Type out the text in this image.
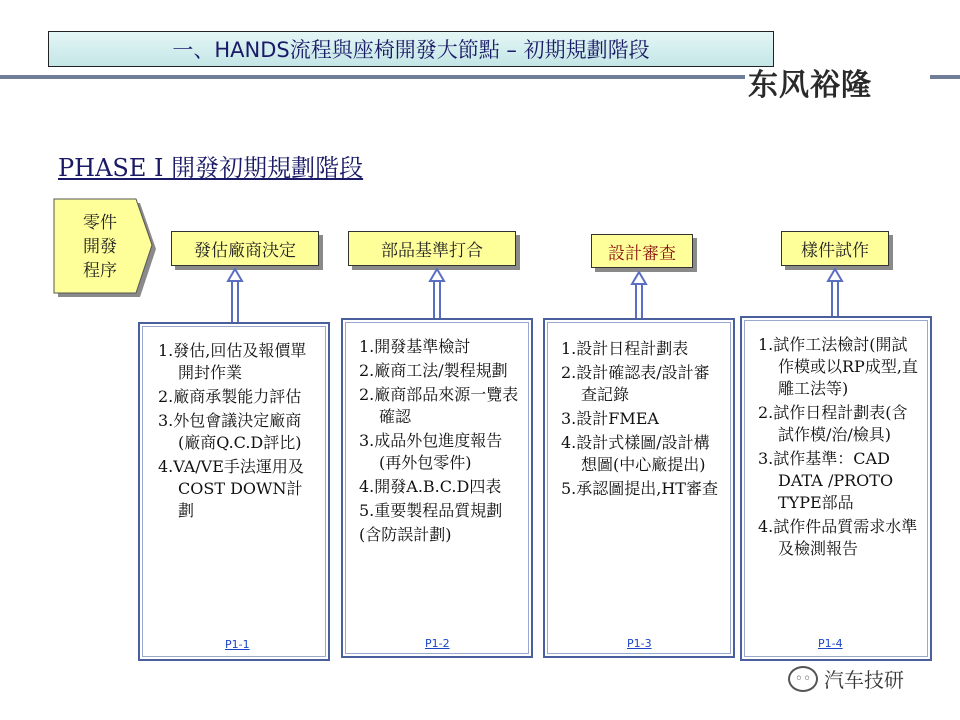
一、HANDS流程與座椅開發大節點 – 初期規劃階段
东风裕隆
PHASE I 開發初期規劃階段
零件
開發
程序
發估廠商決定	部品基準打合	設計審查	樣件試作
1.發估,回估及報價單開封作業
2.廠商承製能力評估
3.外包會議決定廠商(廠商Q.C.D評比)
4.VA/VE手法運用及COST DOWN計劃
P1-1
1.開發基準檢討
2.廠商工法/製程規劃
2.廠商部品來源一覽表確認
3.成品外包進度報告 (再外包零件)
4.開發A.B.C.D四表
5.重要製程品質規劃
(含防誤計劃)
P1-2
1.設計日程計劃表
2.設計確認表/設計審查記錄
3.設計FMEA
4.設計式樣圖/設計構想圖(中心廠提出)
5.承認圖提出,HT審查
P1-3
1.試作工法檢討(開試作模或以RP成型,直雕工法等)
2.試作日程計劃表(含試作模/治/檢具)
3.試作基準：CAD DATA /PROTO TYPE部品
4.試作件品質需求水準及檢測報告
P1-4
◦◦ 汽车技研
